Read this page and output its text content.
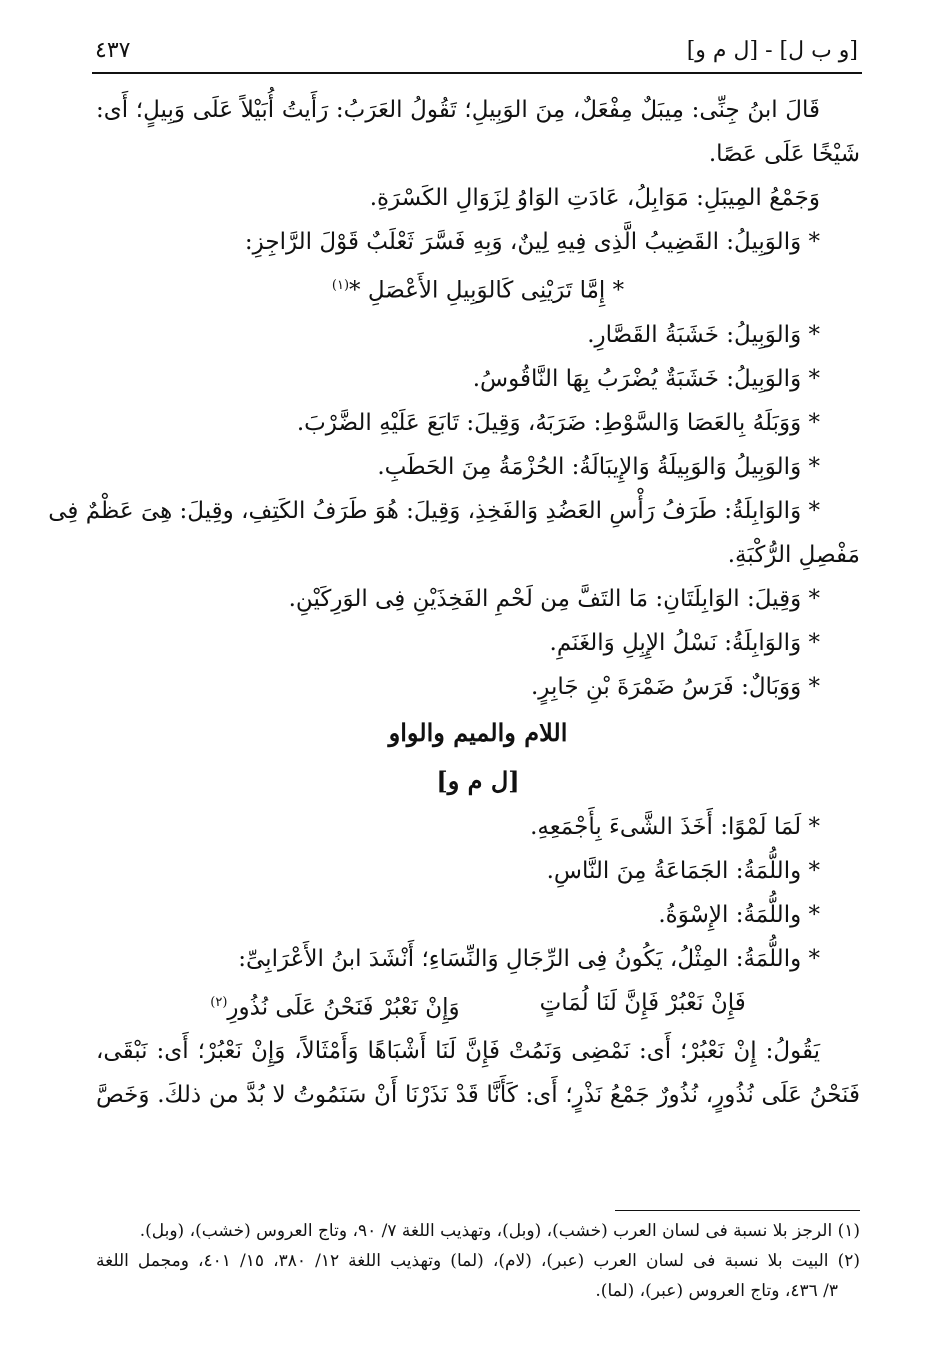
[و ب ل] - [ل م و]
٤٣٧
قَالَ ابنُ جِنِّى: مِيبَلٌ مِفْعَلٌ، مِنَ الوَبِيلِ؛ تَقُولُ العَرَبُ: رَأَيتُ أُبَيْلاً عَلَى وَبِيلٍ؛ أَى:
شَيْخًا عَلَى عَصًا.
وَجَمْعُ المِيبَلِ: مَوَابِلُ، عَادَتِ الوَاوُ لِزَوَالِ الكَسْرَةِ.
* وَالوَبِيلُ: القَضِيبُ الَّذِى فِيهِ لِينٌ، وَبِهِ فَسَّرَ ثَعْلَبٌ قَوْلَ الرَّاجِزِ:
* إِمَّا تَرَيْنِى كَالوَبِيلِ الأَعْصَلِ *$^{(١)}$
* وَالوَبِيلُ: خَشَبَةُ القَصَّارِ.
* وَالوَبِيلُ: خَشَبَةٌ يُضْرَبُ بِهَا النَّاقُوسُ.
* وَوَبَلَهُ بِالعَصَا وَالسَّوْطِ: ضَرَبَهُ، وَقِيلَ: تَابَعَ عَلَيْهِ الضَّرْبَ.
* وَالوَبِيلُ وَالوَبِيلَةُ وَالإِيبَالَةُ: الحُزْمَةُ مِنَ الحَطَبِ.
* وَالوَابِلَةُ: طَرَفُ رَأْسِ العَضُدِ وَالفَخِذِ، وَقِيلَ: هُوَ طَرَفُ الكَتِفِ، وقِيلَ: هِىَ عَظْمٌ فِى
مَفْصِلِ الرُّكْبَةِ.
* وَقِيلَ: الوَابِلَتَانِ: مَا التَفَّ مِن لَحْمِ الفَخِذَيْنِ فِى الوَرِكَيْنِ.
* وَالوَابِلَةُ: نَسْلُ الإِبِلِ وَالغَنَمِ.
* وَوَبَالٌ: فَرَسُ ضَمْرَةَ بْنِ جَابِرٍ.
اللام والميم والواو
[ل م و]
* لَمَا لَمْوًا: أَخَذَ الشَّىءَ بِأَجْمَعِهِ.
* واللُّمَةُ: الجَمَاعَةُ مِنَ النَّاسِ.
* واللُّمَةُ: الإِسْوَةُ.
* واللُّمَةُ: المِثْلُ، يَكُونُ فِى الرِّجَالِ وَالنِّسَاءِ؛ أَنْشَدَ ابنُ الأَعْرَابِىِّ:
فَإِنْ نَعْبُرْ فَإِنَّ لَنَا لُمَاتٍ
وَإِنْ نَعْبُرْ فَنَحْنُ عَلَى نُذُورِ$^{(٢)}$
يَقُولُ: إِنْ نَعْبُرْ؛ أَى: نَمْضِى وَنَمُتْ فَإِنَّ لَنَا أَشْبَاهًا وَأَمْثَالاً، وَإِنْ نَعْبُرْ؛ أَى: نَبْقَى،
فَنَحْنُ عَلَى نُذُورٍ، نُذُورٌ جَمْعُ نَذْرٍ؛ أَى: كَأَنَّا قَدْ نَذَرْنَا أَنْ سَنَمُوتُ لا بُدَّ من ذلكَ. وَخَصَّ
(١) الرجز بلا نسبة فى لسان العرب (خشب)، (وبل)، وتهذيب اللغة ٧/ ٩٠، وتاج العروس (خشب)، (وبل).
(٢) البيت بلا نسبة فى لسان العرب (عبر)، (لام)، (لما) وتهذيب اللغة ١٢/ ٣٨٠، ١٥/ ٤٠١، ومجمل اللغة
٣/ ٤٣٦، وتاج العروس (عبر)، (لما).
